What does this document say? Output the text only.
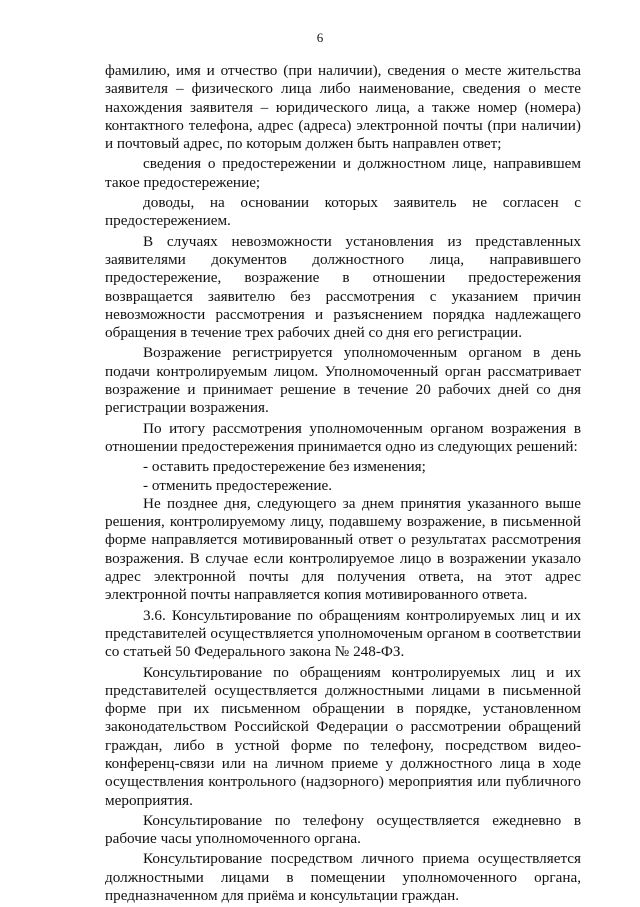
6

фамилию, имя и отчество (при наличии), сведения о месте жительства заявителя – физического лица либо наименование, сведения о месте нахождения заявителя – юридического лица, а также номер (номера) контактного телефона, адрес (адреса) электронной почты (при наличии) и почтовый адрес, по которым должен быть направлен ответ;

сведения о предостережении и должностном лице, направившем такое предостережение;

доводы, на основании которых заявитель не согласен с предостережением.

В случаях невозможности установления из представленных заявителями документов должностного лица, направившего предостережение, возражение в отношении предостережения возвращается заявителю без рассмотрения с указанием причин невозможности рассмотрения и разъяснением порядка надлежащего обращения в течение трех рабочих дней со дня его регистрации.

Возражение регистрируется уполномоченным органом в день подачи контролируемым лицом. Уполномоченный орган рассматривает возражение и принимает решение в течение 20 рабочих дней со дня регистрации возражения.

По итогу рассмотрения уполномоченным органом возражения в отношении предостережения принимается одно из следующих решений:

- оставить предостережение без изменения;

- отменить предостережение.

Не позднее дня, следующего за днем принятия указанного выше решения, контролируемому лицу, подавшему возражение, в письменной форме направляется мотивированный ответ о результатах рассмотрения возражения. В случае если контролируемое лицо в возражении указало адрес электронной почты для получения ответа, на этот адрес электронной почты направляется копия мотивированного ответа.

3.6. Консультирование по обращениям контролируемых лиц и их представителей осуществляется уполномоченым органом в соответствии со статьей 50 Федерального закона № 248-ФЗ.

Консультирование по обращениям контролируемых лиц и их представителей осуществляется должностными лицами в письменной форме при их письменном обращении в порядке, установленном законодательством Российской Федерации о рассмотрении обращений граждан, либо в устной форме по телефону, посредством видео-конференц-связи или на личном приеме у должностного лица в ходе осуществления контрольного (надзорного) мероприятия или публичного мероприятия.

Консультирование по телефону осуществляется ежедневно в рабочие часы уполномоченного органа.

Консультирование посредством личного приема осуществляется должностными лицами в помещении уполномоченного органа, предназначенном для приёма и консультации граждан.
